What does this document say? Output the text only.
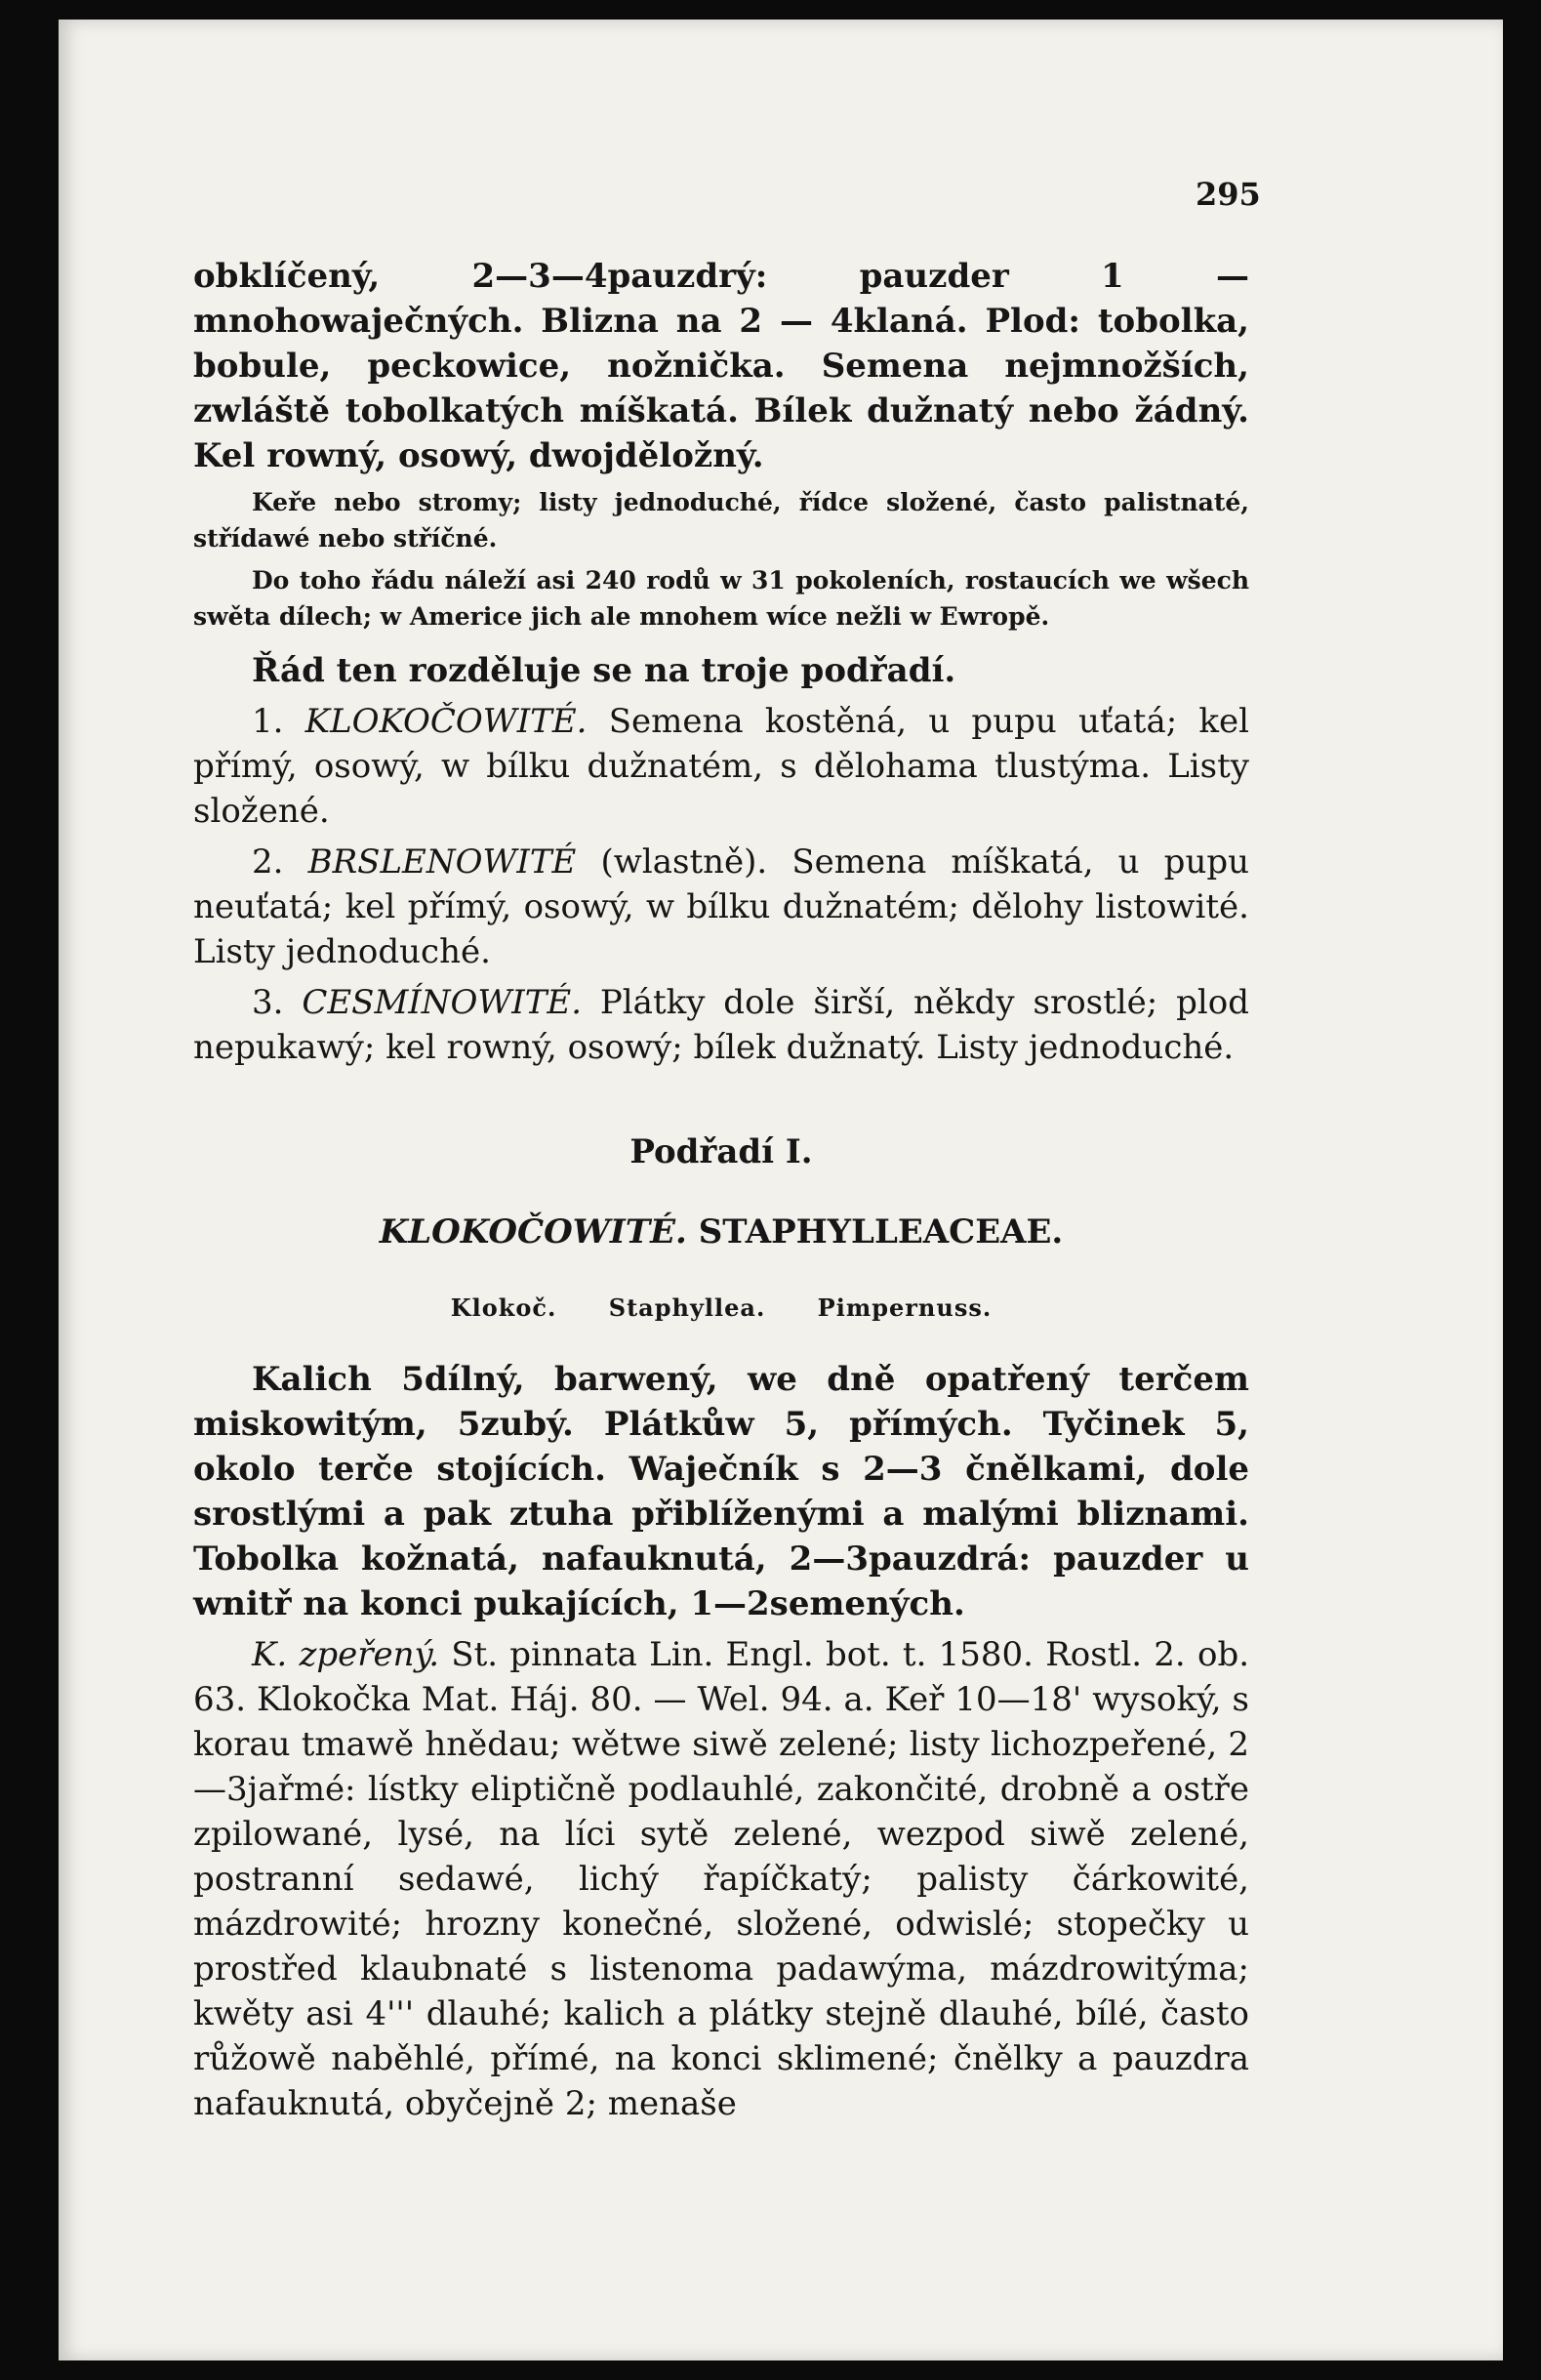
295
obklíčený, 2—3—4pauzdrý: pauzder 1 — mnohowaječných. Blizna na 2 — 4klaná. Plod: tobolka, bobule, peckowice, nožnička. Semena nejmnožších, zwláště tobolkatých míškatá. Bílek dužnatý nebo žádný. Kel rowný, osowý, dwojděložný.
Keře nebo stromy; listy jednoduché, řídce složené, často palistnaté, střídawé nebo stříčné.
Do toho řádu náleží asi 240 rodů w 31 pokoleních, rostaucích we wšech swěta dílech; w Americe jich ale mnohem wíce nežli w Ewropě.
Řád ten rozděluje se na troje podřadí.
1. KLOKOČOWITÉ. Semena kostěná, u pupu uťatá; kel přímý, osowý, w bílku dužnatém, s dělohama tlustýma. Listy složené.
2. BRSLENOWITÉ (wlastně). Semena míškatá, u pupu neuťatá; kel přímý, osowý, w bílku dužnatém; dělohy listowité. Listy jednoduché.
3. CESMÍNOWITÉ. Plátky dole širší, někdy srostlé; plod nepukawý; kel rowný, osowý; bílek dužnatý. Listy jednoduché.
Podřadí I.
KLOKOČOWITÉ. STAPHYLLEACEAE.
Klokoč. Staphyllea. Pimpernuss.
Kalich 5dílný, barwený, we dně opatřený terčem miskowitým, 5zubý. Plátkůw 5, přímých. Tyčinek 5, okolo terče stojících. Waječník s 2—3 čnělkami, dole srostlými a pak ztuha přiblíženými a malými bliznami. Tobolka kožnatá, nafauknutá, 2—3pauzdrá: pauzder u wnitř na konci pukajících, 1—2semených.
K. zpeřený. St. pinnata Lin. Engl. bot. t. 1580. Rostl. 2. ob. 63. Klokočka Mat. Háj. 80. — Wel. 94. a. Keř 10—18' wysoký, s korau tmawě hnědau; wětwe siwě zelené; listy lichozpeřené, 2—3jařmé: lístky eliptičně podlauhlé, zakončité, drobně a ostře zpilowané, lysé, na líci sytě zelené, wezpod siwě zelené, postranní sedawé, lichý řapíčkatý; palisty čárkowité, mázdrowité; hrozny konečné, složené, odwislé; stopečky u prostřed klaubnaté s listenoma padawýma, mázdrowitýma; kwěty asi 4''' dlauhé; kalich a plátky stejně dlauhé, bílé, často růžowě naběhlé, přímé, na konci sklimené; čnělky a pauzdra nafauknutá, obyčejně 2; menaše
